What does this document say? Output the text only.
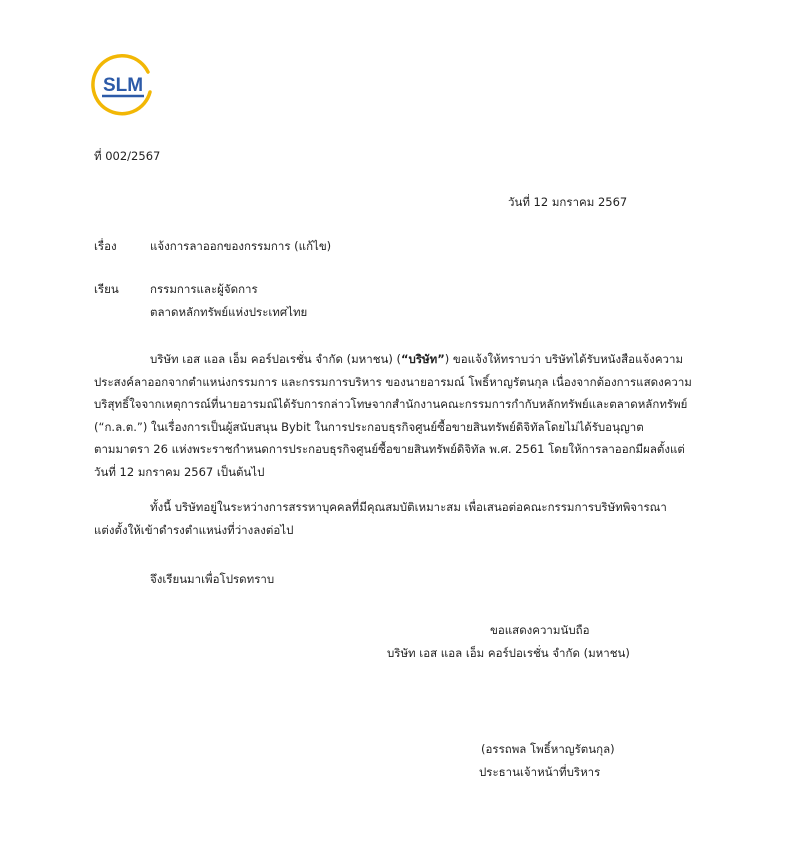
SLM
ที่ 002/2567
วันที่ 12 มกราคม 2567
เรื่อง	แจ้งการลาออกของกรรมการ (แก้ไข)
เรียน	กรรมการและผู้จัดการ
ตลาดหลักทรัพย์แห่งประเทศไทย
บริษัท เอส แอล เอ็ม คอร์ปอเรชั่น จำกัด (มหาชน) (“บริษัท”) ขอแจ้งให้ทราบว่า บริษัทได้รับหนังสือแจ้งความ
ประสงค์ลาออกจากตำแหน่งกรรมการ และกรรมการบริหาร ของนายอารมณ์ โพธิ์หาญรัตนกุล เนื่องจากต้องการแสดงความ
บริสุทธิ์ใจจากเหตุการณ์ที่นายอารมณ์ได้รับการกล่าวโทษจากสำนักงานคณะกรรมการกำกับหลักทรัพย์และตลาดหลักทรัพย์
(“ก.ล.ต.”) ในเรื่องการเป็นผู้สนับสนุน Bybit ในการประกอบธุรกิจศูนย์ซื้อขายสินทรัพย์ดิจิทัลโดยไม่ได้รับอนุญาต
ตามมาตรา 26 แห่งพระราชกำหนดการประกอบธุรกิจศูนย์ซื้อขายสินทรัพย์ดิจิทัล พ.ศ. 2561 โดยให้การลาออกมีผลตั้งแต่
วันที่ 12 มกราคม 2567 เป็นต้นไป
ทั้งนี้ บริษัทอยู่ในระหว่างการสรรหาบุคคลที่มีคุณสมบัติเหมาะสม เพื่อเสนอต่อคณะกรรมการบริษัทพิจารณา
แต่งตั้งให้เข้าดำรงตำแหน่งที่ว่างลงต่อไป
จึงเรียนมาเพื่อโปรดทราบ
ขอแสดงความนับถือ
บริษัท เอส แอล เอ็ม คอร์ปอเรชั่น จำกัด (มหาชน)
(อรรถพล โพธิ์หาญรัตนกุล)
ประธานเจ้าหน้าที่บริหาร
